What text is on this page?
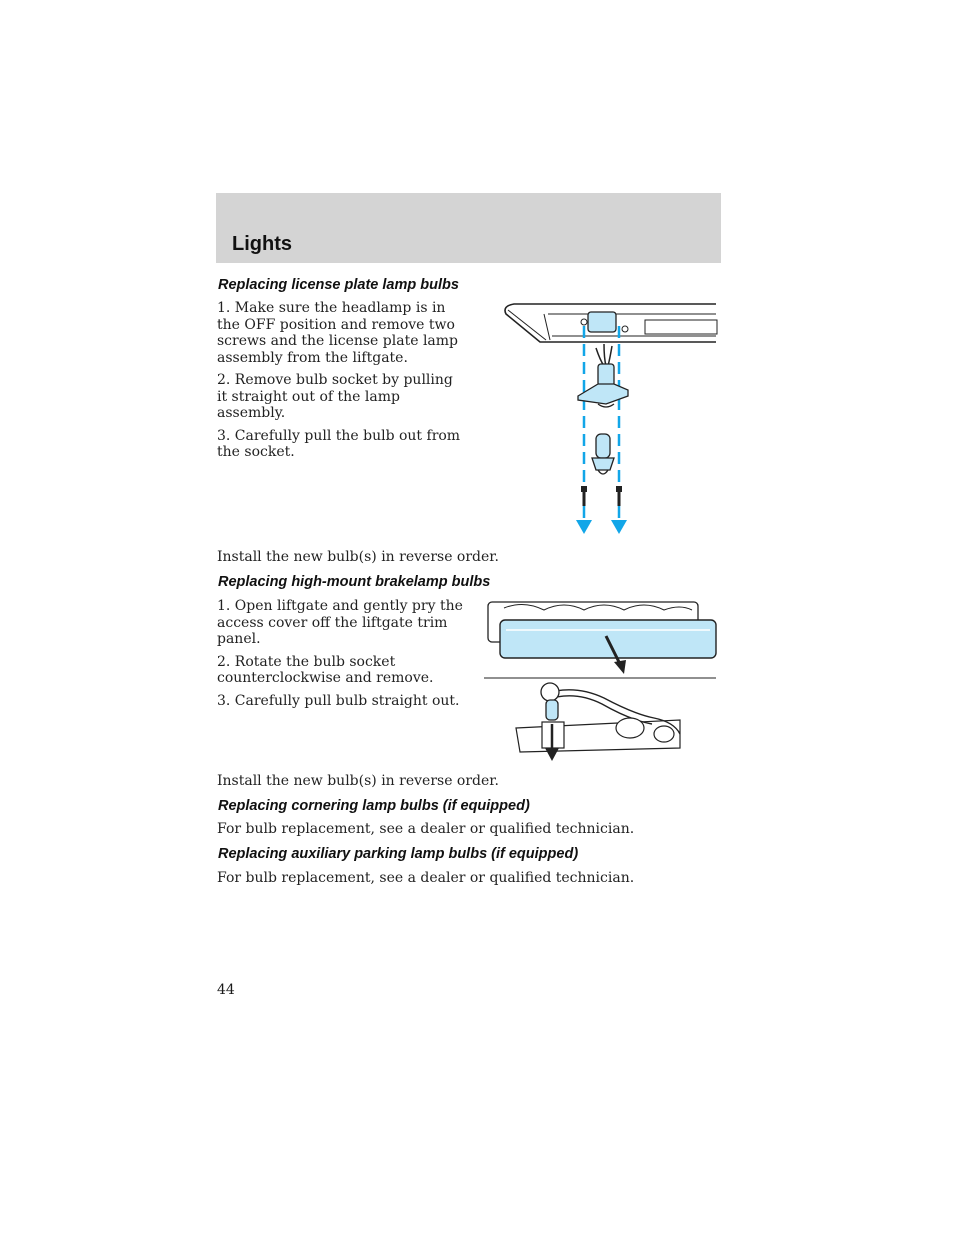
Lights
Replacing license plate lamp bulbs

1. Make sure the headlamp is in the OFF position and remove two screws and the license plate lamp assembly from the liftgate.

2. Remove bulb socket by pulling it straight out of the lamp assembly.

3. Carefully pull the bulb out from the socket.

Install the new bulb(s) in reverse order.

Replacing high-mount brakelamp bulbs

1. Open liftgate and gently pry the access cover off the liftgate trim panel.

2. Rotate the bulb socket counterclockwise and remove.

3. Carefully pull bulb straight out.

Install the new bulb(s) in reverse order.

Replacing cornering lamp bulbs (if equipped)

For bulb replacement, see a dealer or qualified technician.

Replacing auxiliary parking lamp bulbs (if equipped)

For bulb replacement, see a dealer or qualified technician.

44
